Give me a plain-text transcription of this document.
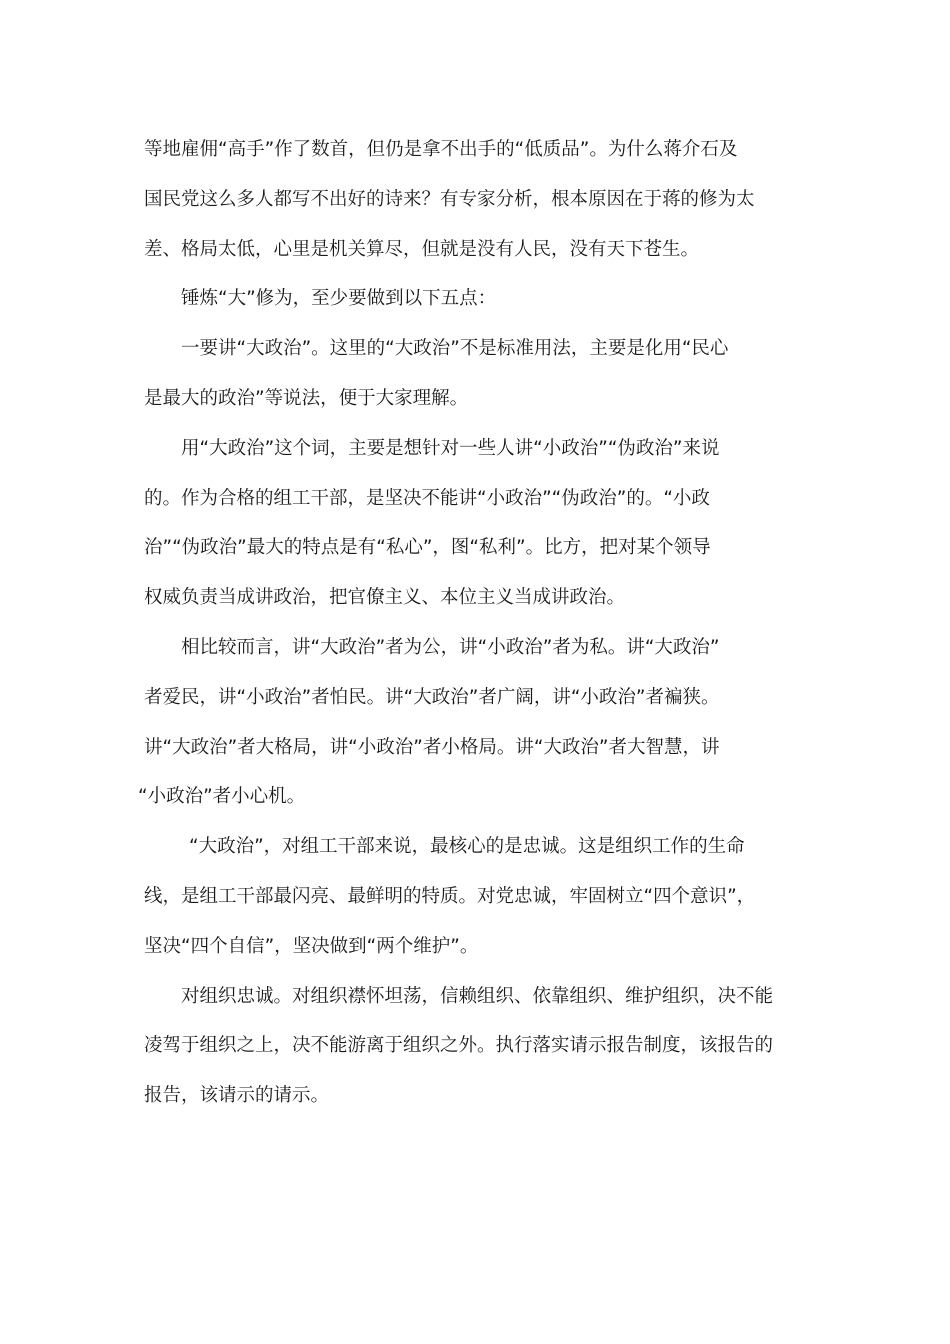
等地雇佣“高手”作了数首，但仍是拿不出手的“低质品”。为什么蒋介石及
国民党这么多人都写不出好的诗来？有专家分析，根本原因在于蒋的修为太
差、格局太低，心里是机关算尽，但就是没有人民，没有天下苍生。

锤炼“大”修为，至少要做到以下五点：

一要讲“大政治”。这里的“大政治”不是标准用法，主要是化用“民心
是最大的政治”等说法，便于大家理解。

用“大政治”这个词，主要是想针对一些人讲“小政治”“伪政治”来说
的。作为合格的组工干部，是坚决不能讲“小政治”“伪政治”的。“小政
治”“伪政治”最大的特点是有“私心”，图“私利”。比方，把对某个领导
权威负责当成讲政治，把官僚主义、本位主义当成讲政治。

相比较而言，讲“大政治”者为公，讲“小政治”者为私。讲“大政治”
者爱民，讲“小政治”者怕民。讲“大政治”者广阔，讲“小政治”者褊狭。
讲“大政治”者大格局，讲“小政治”者小格局。讲“大政治”者大智慧，讲
“小政治”者小心机。

“大政治”，对组工干部来说，最核心的是忠诚。这是组织工作的生命
线，是组工干部最闪亮、最鲜明的特质。对党忠诚，牢固树立“四个意识”，
坚决“四个自信”，坚决做到“两个维护”。

对组织忠诚。对组织襟怀坦荡，信赖组织、依靠组织、维护组织，决不能
凌驾于组织之上，决不能游离于组织之外。执行落实请示报告制度，该报告的
报告，该请示的请示。
